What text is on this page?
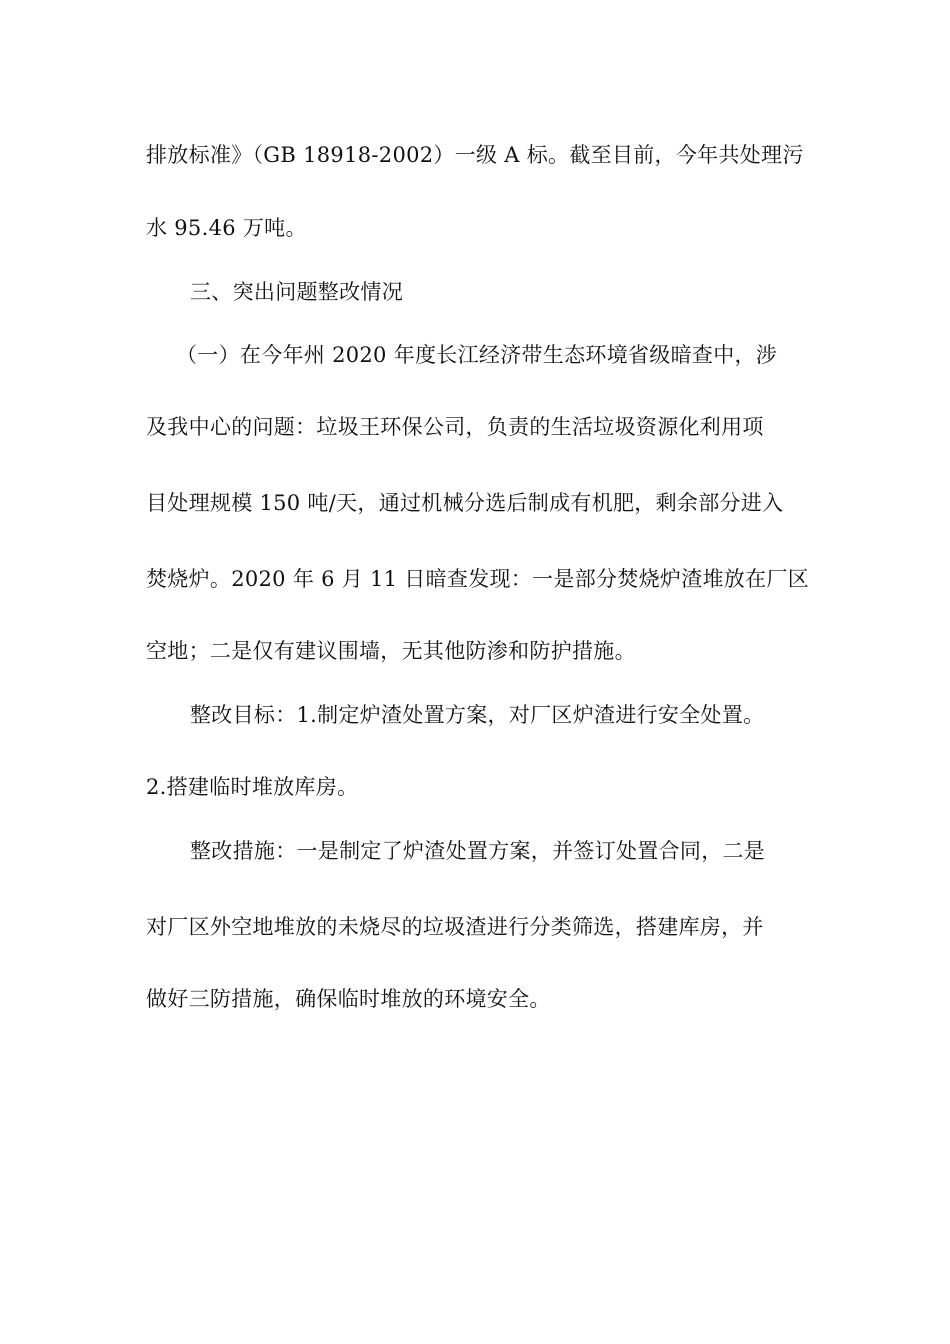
排放标准》（GB 18918-2002）一级 A 标。截至目前，今年共处理污
水 95.46 万吨。
三、突出问题整改情况
（一）在今年州 2020 年度长江经济带生态环境省级暗查中，涉
及我中心的问题：垃圾王环保公司，负责的生活垃圾资源化利用项
目处理规模 150 吨/天，通过机械分选后制成有机肥，剩余部分进入
焚烧炉。2020 年 6 月 11 日暗查发现：一是部分焚烧炉渣堆放在厂区
空地；二是仅有建议围墙，无其他防渗和防护措施。
整改目标：1.制定炉渣处置方案，对厂区炉渣进行安全处置。
2.搭建临时堆放库房。
整改措施：一是制定了炉渣处置方案，并签订处置合同，二是
对厂区外空地堆放的未烧尽的垃圾渣进行分类筛选，搭建库房，并
做好三防措施，确保临时堆放的环境安全。
